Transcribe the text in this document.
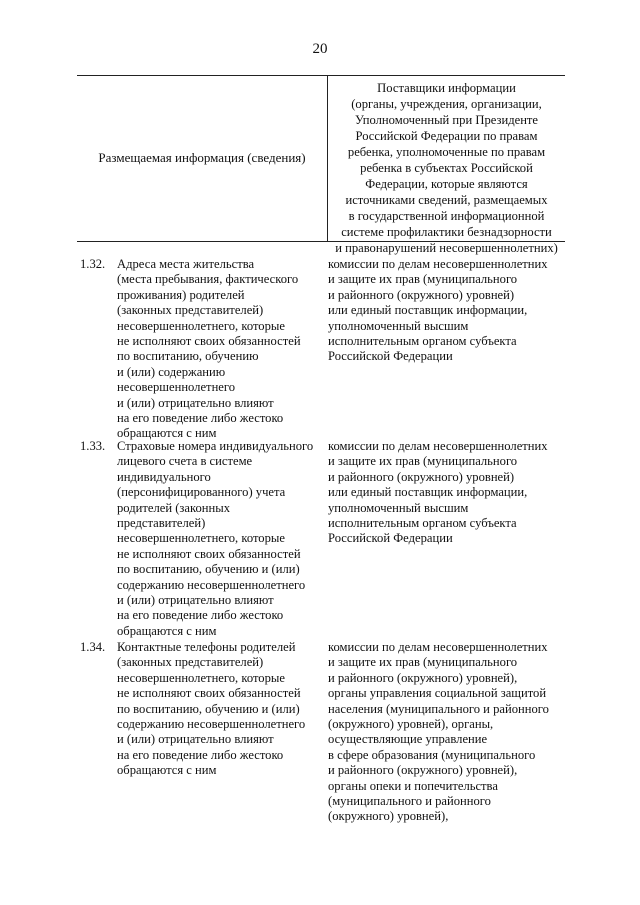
20
Размещаемая информация (сведения)
Поставщики информации
(органы, учреждения, организации,
Уполномоченный при Президенте
Российской Федерации по правам
ребенка, уполномоченные по правам
ребенка в субъектах Российской
Федерации, которые являются
источниками сведений, размещаемых
в государственной информационной
системе профилактики безнадзорности
и правонарушений несовершеннолетних)
1.32. Адреса места жительства
(места пребывания, фактического
проживания) родителей
(законных представителей)
несовершеннолетнего, которые
не исполняют своих обязанностей
по воспитанию, обучению
и (или) содержанию
несовершеннолетнего
и (или) отрицательно влияют
на его поведение либо жестоко
обращаются с ним
комиссии по делам несовершеннолетних
и защите их прав (муниципального
и районного (окружного) уровней)
или единый поставщик информации,
уполномоченный высшим
исполнительным органом субъекта
Российской Федерации
1.33. Страховые номера индивидуального
лицевого счета в системе
индивидуального
(персонифицированного) учета
родителей (законных
представителей)
несовершеннолетнего, которые
не исполняют своих обязанностей
по воспитанию, обучению и (или)
содержанию несовершеннолетнего
и (или) отрицательно влияют
на его поведение либо жестоко
обращаются с ним
комиссии по делам несовершеннолетних
и защите их прав (муниципального
и районного (окружного) уровней)
или единый поставщик информации,
уполномоченный высшим
исполнительным органом субъекта
Российской Федерации
1.34. Контактные телефоны родителей
(законных представителей)
несовершеннолетнего, которые
не исполняют своих обязанностей
по воспитанию, обучению и (или)
содержанию несовершеннолетнего
и (или) отрицательно влияют
на его поведение либо жестоко
обращаются с ним
комиссии по делам несовершеннолетних
и защите их прав (муниципального
и районного (окружного) уровней),
органы управления социальной защитой
населения (муниципального и районного
(окружного) уровней), органы,
осуществляющие управление
в сфере образования (муниципального
и районного (окружного) уровней),
органы опеки и попечительства
(муниципального и районного
(окружного) уровней),
